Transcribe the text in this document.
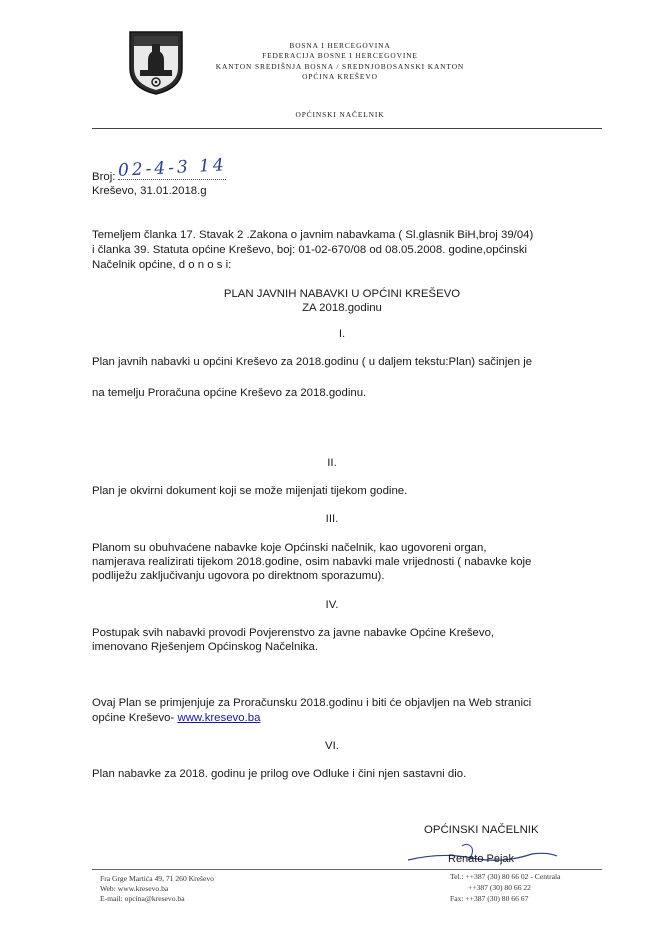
BOSNA I HERCEGOVINA
FEDERACIJA BOSNE I HERCEGOVINE
KANTON SREDIŠNJA BOSNA / SREDNJOBOSANSKI KANTON
OPĆINA KREŠEVO
OPĆINSKI NAČELNIK
Broj: 02-4-3 14
Kreševo, 31.01.2018.g
Temeljem članka 17. Stavak 2 .Zakona o javnim nabavkama ( Sl.glasnik BiH,broj 39/04)
i članka 39. Statuta općine Kreševo, boj: 01-02-670/08 od 08.05.2008. godine,općinski
Načelnik općine, d o n o s i:
PLAN JAVNIH NABAVKI U OPĆINI KREŠEVO
ZA 2018.godinu
I.
Plan javnih nabavki u općini Kreševo za 2018.godinu ( u daljem tekstu:Plan) sačinjen je
na temelju Proračuna općine Kreševo za 2018.godinu.
II.
Plan je okvirni dokument koji se može mijenjati tijekom godine.
III.
Planom su obuhvaćene nabavke koje Općinski načelnik, kao ugovoreni organ,
namjerava realizirati tijekom 2018.godine, osim nabavki male vrijednosti ( nabavke koje
podliježu zaključivanju ugovora po direktnom sporazumu).
IV.
Postupak svih nabavki provodi Povjerenstvo za javne nabavke Općine Kreševo,
imenovano Rješenjem Općinskog Načelnika.
Ovaj Plan se primjenjuje za Proračunsku 2018.godinu i biti će objavljen na Web stranici
općine Kreševo- www.kresevo.ba
VI.
Plan nabavke za 2018. godinu je prilog ove Odluke i čini njen sastavni dio.
OPĆINSKI NAČELNIK
Renato Pejak
Fra Grge Martića 49, 71 260 Kreševo
Web: www.kresevo.ba
E-mail: opcina@kresevo.ba
Tel.: ++387 (30) 80 66 02 - Centrala
++387 (30) 80 66 22
Fax: ++387 (30) 80 66 67
